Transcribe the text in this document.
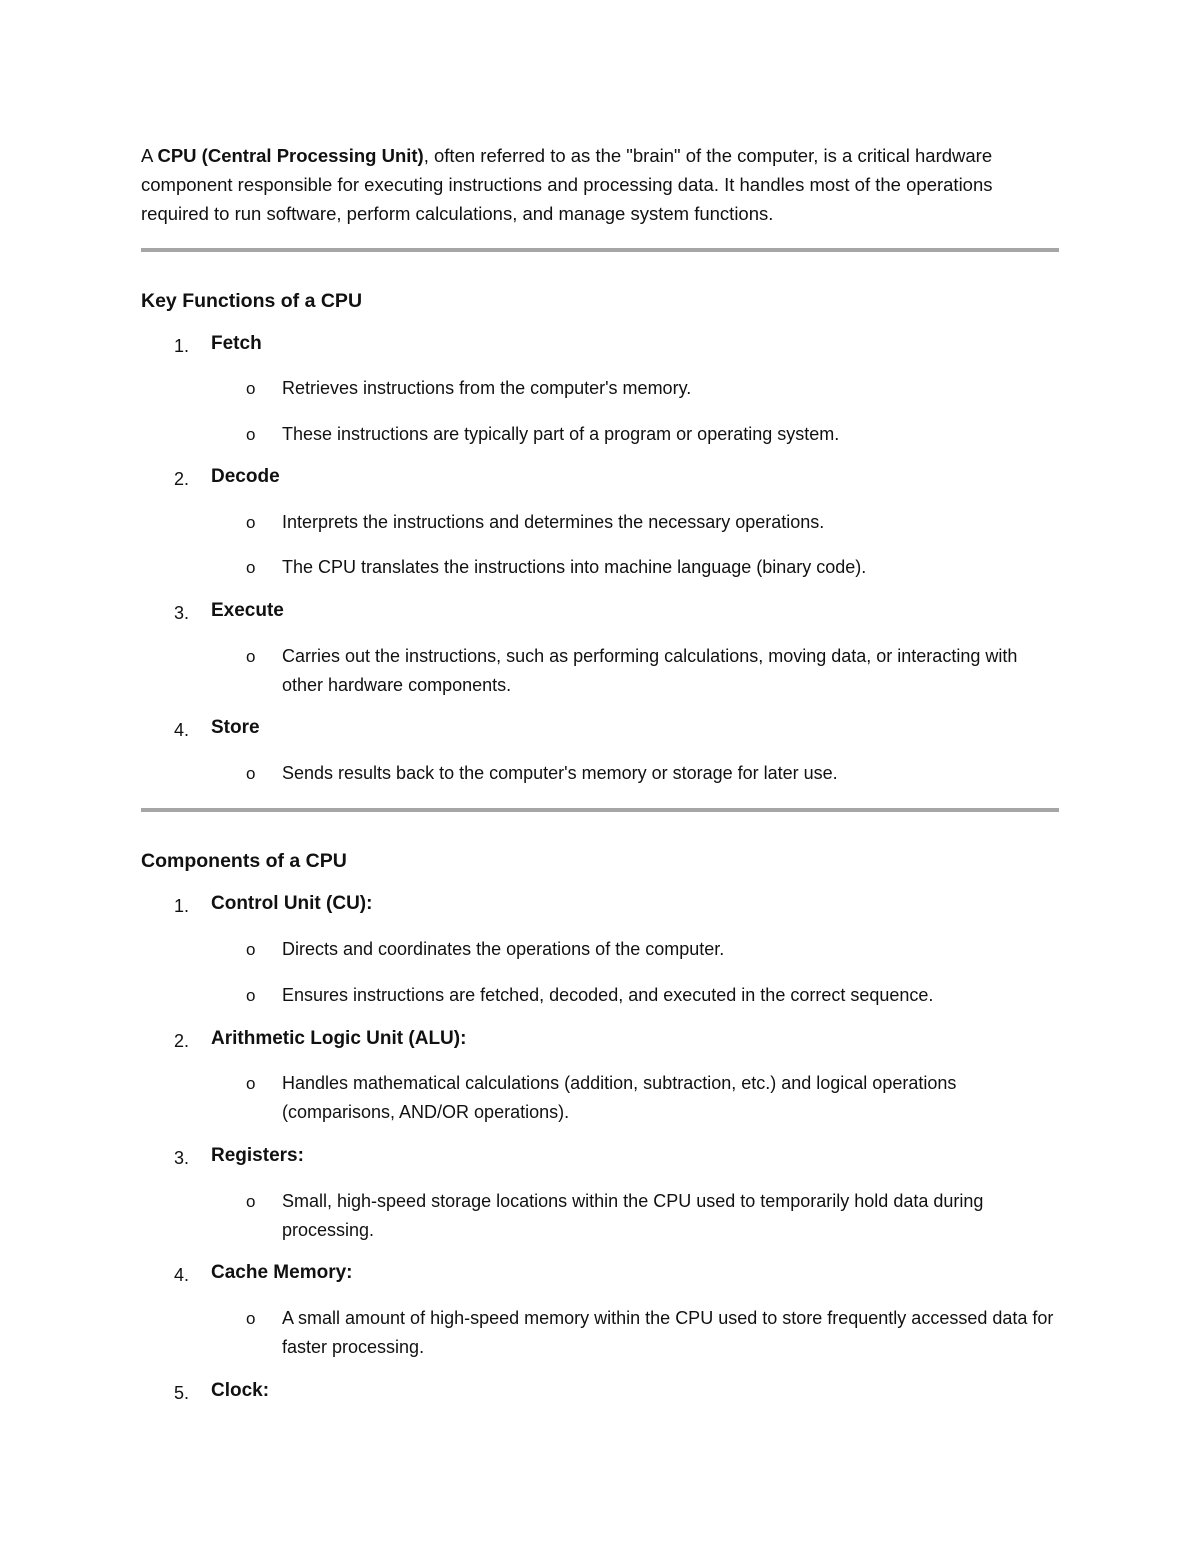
A CPU (Central Processing Unit), often referred to as the "brain" of the computer, is a critical hardware component responsible for executing instructions and processing data. It handles most of the operations required to run software, perform calculations, and manage system functions.

Key Functions of a CPU
1. Fetch
o Retrieves instructions from the computer's memory.
o These instructions are typically part of a program or operating system.
2. Decode
o Interprets the instructions and determines the necessary operations.
o The CPU translates the instructions into machine language (binary code).
3. Execute
o Carries out the instructions, such as performing calculations, moving data, or interacting with other hardware components.
4. Store
o Sends results back to the computer's memory or storage for later use.
Components of a CPU
1. Control Unit (CU):
o Directs and coordinates the operations of the computer.
o Ensures instructions are fetched, decoded, and executed in the correct sequence.
2. Arithmetic Logic Unit (ALU):
o Handles mathematical calculations (addition, subtraction, etc.) and logical operations (comparisons, AND/OR operations).
3. Registers:
o Small, high-speed storage locations within the CPU used to temporarily hold data during processing.
4. Cache Memory:
o A small amount of high-speed memory within the CPU used to store frequently accessed data for faster processing.
5. Clock:
